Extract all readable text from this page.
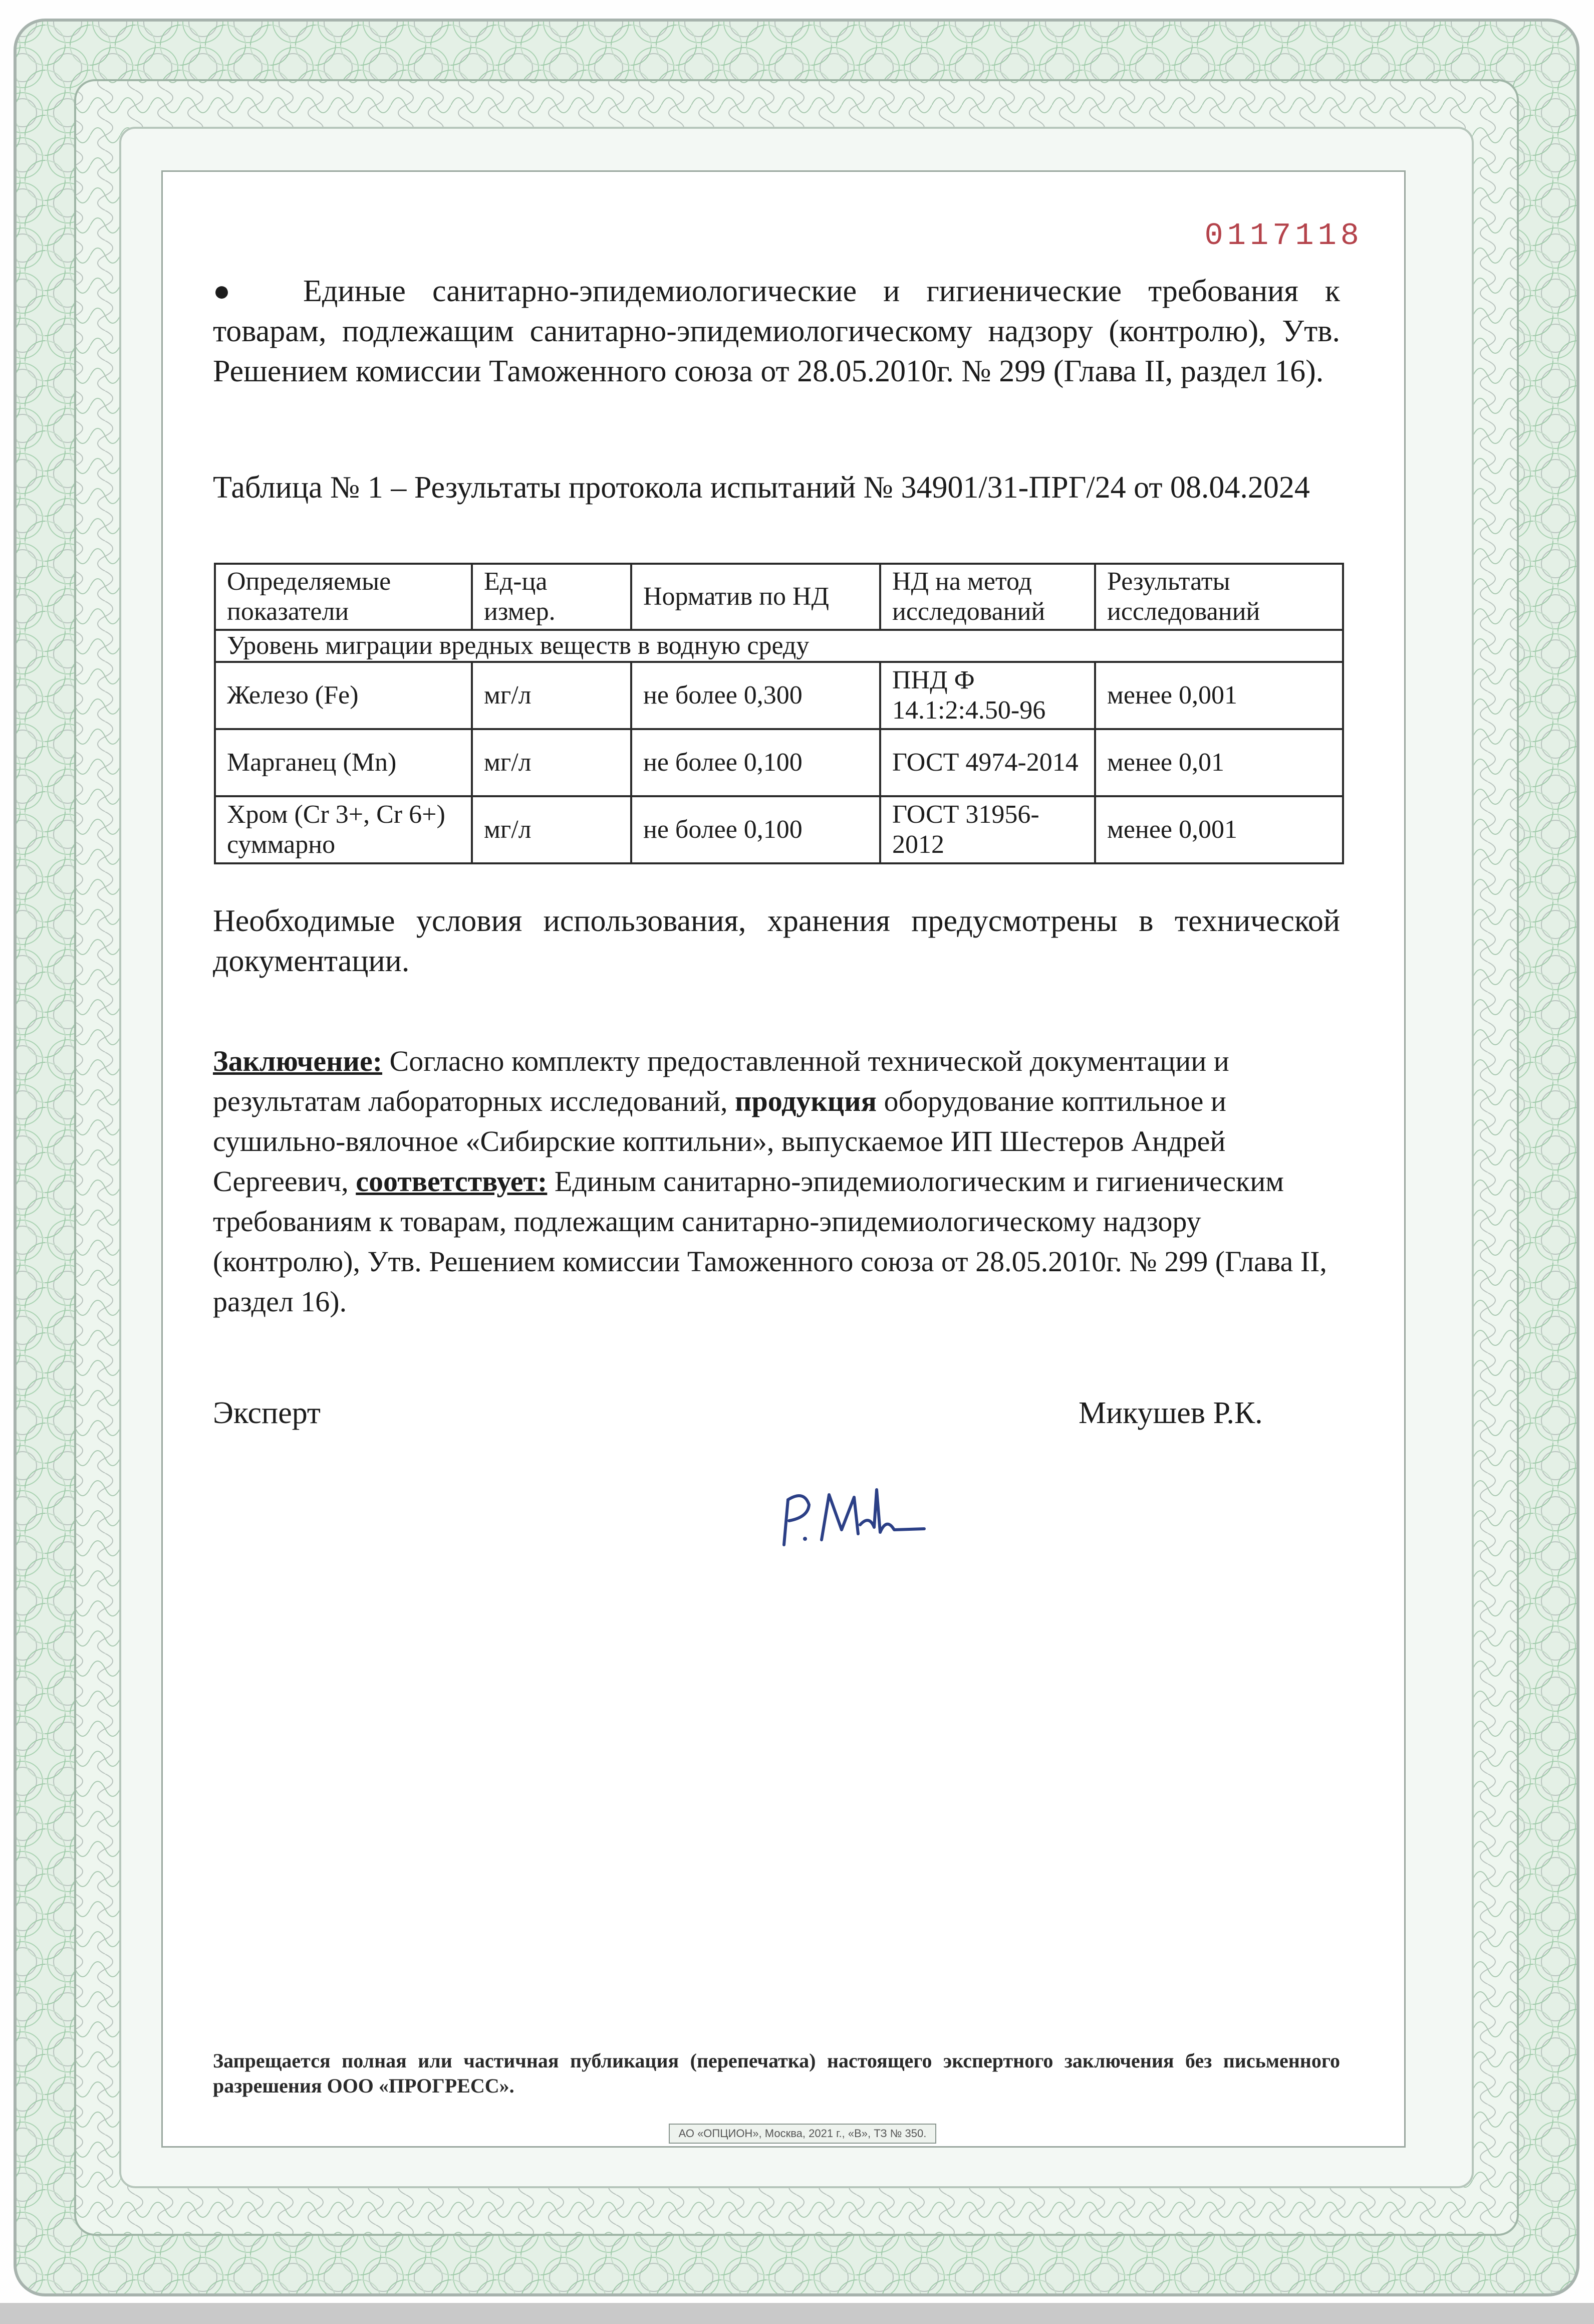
0117118
● Единые санитарно-эпидемиологические и гигиенические требования к товарам, подлежащим санитарно-эпидемиологическому надзору (контролю), Утв. Решением комиссии Таможенного союза от 28.05.2010г. № 299 (Глава II, раздел 16).
Таблица № 1 – Результаты протокола испытаний № 34901/31-ПРГ/24 от 08.04.2024
Определяемые показатели	Ед-ца измер.	Норматив по НД	НД на метод исследований	Результаты исследований
Уровень миграции вредных веществ в водную среду				
Железо (Fe)	мг/л	не более 0,300	ПНД Ф 14.1:2:4.50-96	менее 0,001
Марганец (Mn)	мг/л	не более 0,100	ГОСТ 4974-2014	менее 0,01
Хром (Cr 3+, Cr 6+) суммарно	мг/л	не более 0,100	ГОСТ 31956-2012	менее 0,001
Необходимые условия использования, хранения предусмотрены в технической документации.
Заключение: Согласно комплекту предоставленной технической документации и результатам лабораторных исследований, продукция оборудование коптильное и сушильно-вялочное «Сибирские коптильни», выпускаемое ИП Шестеров Андрей Сергеевич, соответствует: Единым санитарно-эпидемиологическим и гигиеническим требованиям к товарам, подлежащим санитарно-эпидемиологическому надзору (контролю), Утв. Решением комиссии Таможенного союза от 28.05.2010г. № 299 (Глава II, раздел 16).
Эксперт	Микушев Р.К.
Запрещается полная или частичная публикация (перепечатка) настоящего экспертного заключения без письменного разрешения ООО «ПРОГРЕСС».
АО «ОПЦИОН», Москва, 2021 г., «В», ТЗ № 350.
